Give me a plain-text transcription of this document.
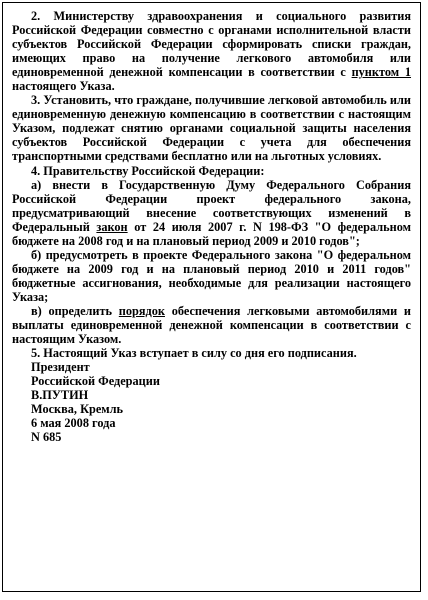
2. Министерству здравоохранения и социального развития Российской Федерации совместно с органами исполнительной власти субъектов Российской Федерации сформировать списки граждан, имеющих право на получение легкового автомобиля или единовременной денежной компенсации в соответствии с пунктом 1 настоящего Указа.

3. Установить, что граждане, получившие легковой автомобиль или единовременную денежную компенсацию в соответствии с настоящим Указом, подлежат снятию органами социальной защиты населения субъектов Российской Федерации с учета для обеспечения транспортными средствами бесплатно или на льготных условиях.

4. Правительству Российской Федерации:

а) внести в Государственную Думу Федерального Собрания Российской Федерации проект федерального закона, предусматривающий внесение соответствующих изменений в Федеральный закон от 24 июля 2007 г. N 198-ФЗ "О федеральном бюджете на 2008 год и на плановый период 2009 и 2010 годов";

б) предусмотреть в проекте Федерального закона "О федеральном бюджете на 2009 год и на плановый период 2010 и 2011 годов" бюджетные ассигнования, необходимые для реализации настоящего Указа;

в) определить порядок обеспечения легковыми автомобилями и выплаты единовременной денежной компенсации в соответствии с настоящим Указом.

5. Настоящий Указ вступает в силу со дня его подписания.

Президент
Российской Федерации
В.ПУТИН
Москва, Кремль
6 мая 2008 года
N 685
